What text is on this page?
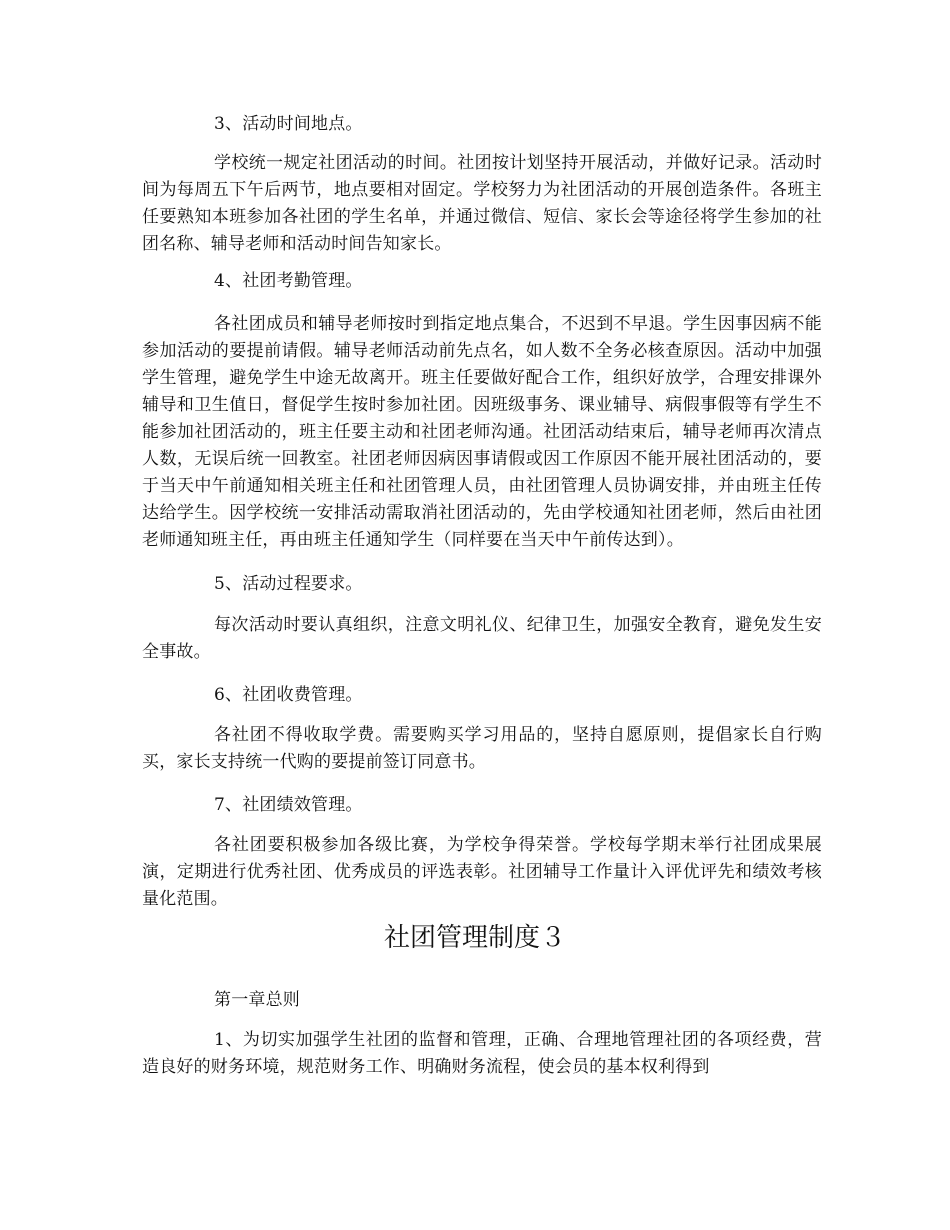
3、活动时间地点。

学校统一规定社团活动的时间。社团按计划坚持开展活动，并做好记录。活动时间为每周五下午后两节，地点要相对固定。学校努力为社团活动的开展创造条件。各班主任要熟知本班参加各社团的学生名单，并通过微信、短信、家长会等途径将学生参加的社团名称、辅导老师和活动时间告知家长。

4、社团考勤管理。

各社团成员和辅导老师按时到指定地点集合，不迟到不早退。学生因事因病不能参加活动的要提前请假。辅导老师活动前先点名，如人数不全务必核查原因。活动中加强学生管理，避免学生中途无故离开。班主任要做好配合工作，组织好放学，合理安排课外辅导和卫生值日，督促学生按时参加社团。因班级事务、课业辅导、病假事假等有学生不能参加社团活动的，班主任要主动和社团老师沟通。社团活动结束后，辅导老师再次清点人数，无误后统一回教室。社团老师因病因事请假或因工作原因不能开展社团活动的，要于当天中午前通知相关班主任和社团管理人员，由社团管理人员协调安排，并由班主任传达给学生。因学校统一安排活动需取消社团活动的，先由学校通知社团老师，然后由社团老师通知班主任，再由班主任通知学生（同样要在当天中午前传达到）。

5、活动过程要求。

每次活动时要认真组织，注意文明礼仪、纪律卫生，加强安全教育，避免发生安全事故。

6、社团收费管理。

各社团不得收取学费。需要购买学习用品的，坚持自愿原则，提倡家长自行购买，家长支持统一代购的要提前签订同意书。

7、社团绩效管理。

各社团要积极参加各级比赛，为学校争得荣誉。学校每学期末举行社团成果展演，定期进行优秀社团、优秀成员的评选表彰。社团辅导工作量计入评优评先和绩效考核量化范围。

社团管理制度３

第一章总则

1、为切实加强学生社团的监督和管理，正确、合理地管理社团的各项经费，营造良好的财务环境，规范财务工作、明确财务流程，使会员的基本权利得到
